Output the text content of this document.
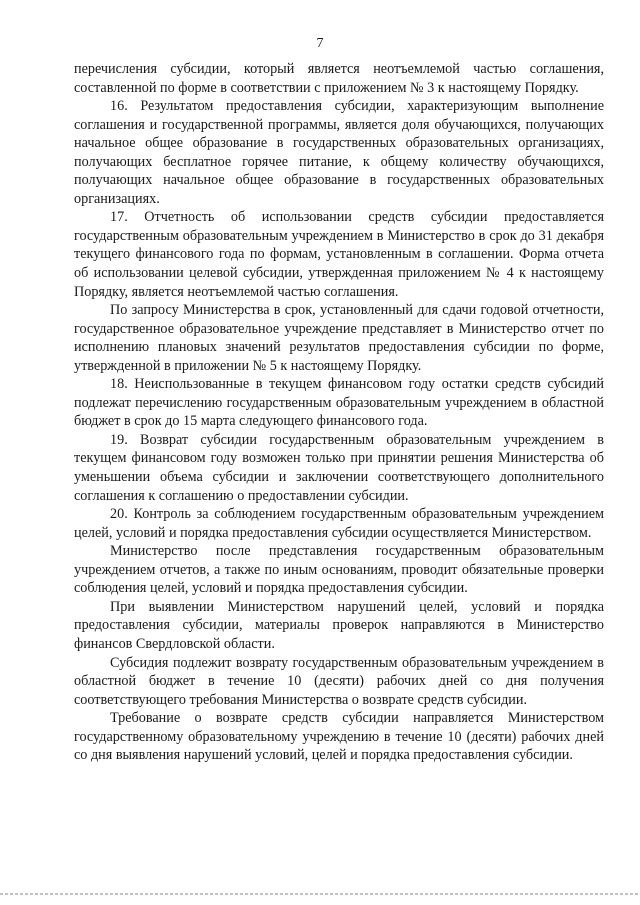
7

перечисления субсидии, который является неотъемлемой частью соглашения, составленной по форме в соответствии с приложением № 3 к настоящему Порядку.

16. Результатом предоставления субсидии, характеризующим выполнение соглашения и государственной программы, является доля обучающихся, получающих начальное общее образование в государственных образовательных организациях, получающих бесплатное горячее питание, к общему количеству обучающихся, получающих начальное общее образование в государственных образовательных организациях.

17. Отчетность об использовании средств субсидии предоставляется государственным образовательным учреждением в Министерство в срок до 31 декабря текущего финансового года по формам, установленным в соглашении. Форма отчета об использовании целевой субсидии, утвержденная приложением № 4 к настоящему Порядку, является неотъемлемой частью соглашения.

По запросу Министерства в срок, установленный для сдачи годовой отчетности, государственное образовательное учреждение представляет в Министерство отчет по исполнению плановых значений результатов предоставления субсидии по форме, утвержденной в приложении № 5 к настоящему Порядку.

18. Неиспользованные в текущем финансовом году остатки средств субсидий подлежат перечислению государственным образовательным учреждением в областной бюджет в срок до 15 марта следующего финансового года.

19. Возврат субсидии государственным образовательным учреждением в текущем финансовом году возможен только при принятии решения Министерства об уменьшении объема субсидии и заключении соответствующего дополнительного соглашения к соглашению о предоставлении субсидии.

20. Контроль за соблюдением государственным образовательным учреждением целей, условий и порядка предоставления субсидии осуществляется Министерством.

Министерство после представления государственным образовательным учреждением отчетов, а также по иным основаниям, проводит обязательные проверки соблюдения целей, условий и порядка предоставления субсидии.

При выявлении Министерством нарушений целей, условий и порядка предоставления субсидии, материалы проверок направляются в Министерство финансов Свердловской области.

Субсидия подлежит возврату государственным образовательным учреждением в областной бюджет в течение 10 (десяти) рабочих дней со дня получения соответствующего требования Министерства о возврате средств субсидии.

Требование о возврате средств субсидии направляется Министерством государственному образовательному учреждению в течение 10 (десяти) рабочих дней со дня выявления нарушений условий, целей и порядка предоставления субсидии.
